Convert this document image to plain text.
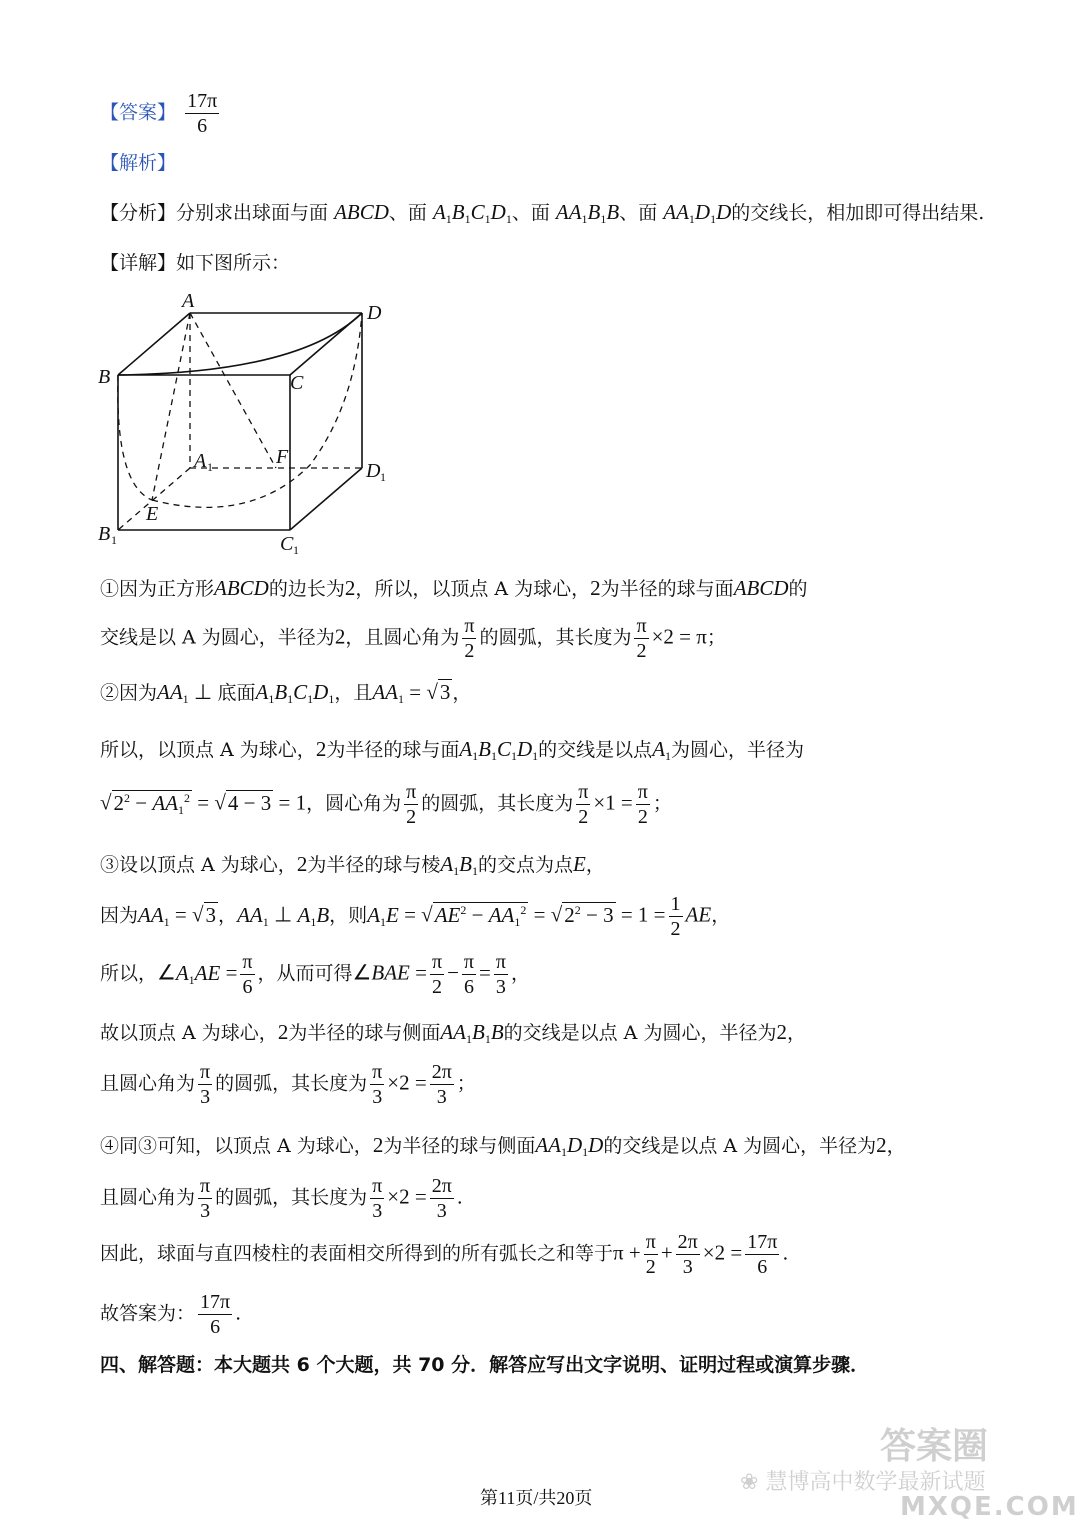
【答案】 $\frac{17\pi}{6}$
【解析】
【分析】分别求出球面与面 ABCD、面 $A_1B_1C_1D_1$、面 $AA_1B_1B$、面 $AA_1D_1D$的交线长，相加即可得出结果.
【详解】如下图所示：
A
D
B	C
A 1	F
D 1
E
B 1	C 1
①因为正方形ABCD的边长为2，所以，以顶点 A 为球心，2为半径的球与面ABCD的
交线是以 A 为圆心，半径为2，且圆心角为 $\frac{\pi}{2}$ 的圆弧，其长度为 $\frac{\pi}{2} \times 2 = \pi$；
②因为$AA_1$ ⊥ 底面$A_1B_1C_1D_1$，且$AA_1 = √3$ ，
所以，以顶点 A 为球心，2为半径的球与面$A_1B_1C_1D_1$的交线是以点$A_1$为圆心，半径为
$√2^2 - AA_1^2 = √4 - 3 = 1$，圆心角为 $\frac{\pi}{2}$ 的圆弧，其长度为 $\frac{\pi}{2} \times 1 = \frac{\pi}{2}$ ；
③设以顶点 A 为球心，2为半径的球与棱$A_1B_1$的交点为点E，
因为$AA_1 = √3$ ，$AA_1$ ⊥ $A_1B$，则$A_1E = √AE^2 - AA_1^2 = √2^2 - 3 = 1 = \frac{1}{2}$ AE，
所以，$\angle A_1AE = \frac{\pi}{6}$ ，从而可得∠BAE = $\frac{\pi}{2} - \frac{\pi}{6} = \frac{\pi}{3}$ ，
故以顶点 A 为球心，2为半径的球与侧面$AA_1B_1B$的交线是以点 A 为圆心，半径为2，
且圆心角为 $\frac{\pi}{3}$ 的圆弧，其长度为 $\frac{\pi}{3} \times 2 = \frac{2\pi}{3}$ ；
④同③可知，以顶点 A 为球心，2为半径的球与侧面$AA_1D_1D$的交线是以点 A 为圆心，半径为2，
且圆心角为 $\frac{\pi}{3}$ 的圆弧，其长度为 $\frac{\pi}{3} \times 2 = \frac{2\pi}{3}$ .
因此，球面与直四棱柱的表面相交所得到的所有弧长之和等于$\pi + \frac{\pi}{2} + \frac{2\pi}{3} \times 2 = \frac{17\pi}{6}$ .
故答案为： $\frac{17\pi}{6}$ .
四、解答题：本大题共 6 个大题，共 70 分．解答应写出文字说明、证明过程或演算步骤．
第11页/共20页
❀ 慧博高中数学最新试题
答案圈
MXQE.COM
